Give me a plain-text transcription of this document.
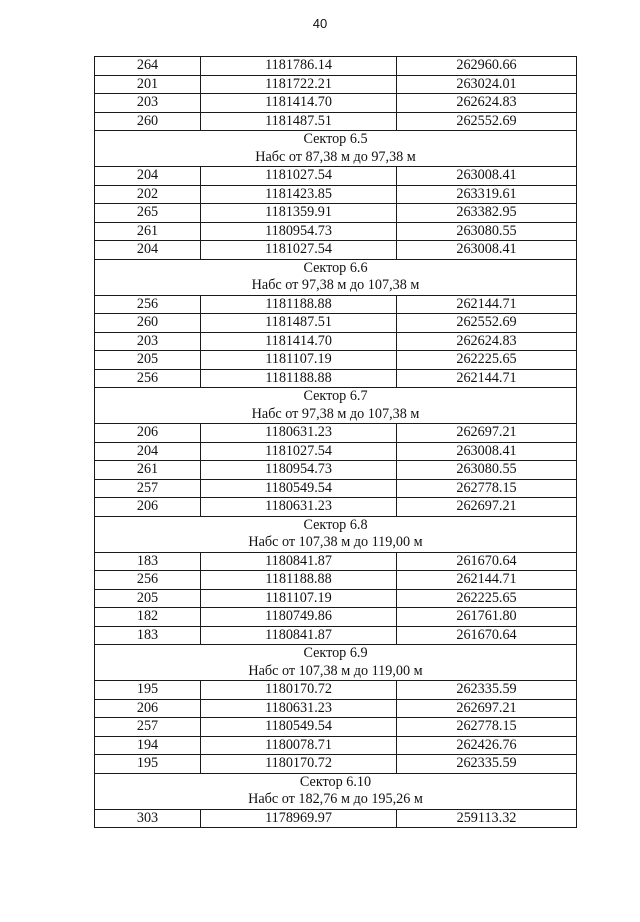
40
264	1181786.14	262960.66
201	1181722.21	263024.01
203	1181414.70	262624.83
260	1181487.51	262552.69
Сектор 6.5		
Набс от 87,38 м до 97,38 м		
204	1181027.54	263008.41
202	1181423.85	263319.61
265	1181359.91	263382.95
261	1180954.73	263080.55
204	1181027.54	263008.41
Сектор 6.6		
Набс от 97,38 м до 107,38 м		
256	1181188.88	262144.71
260	1181487.51	262552.69
203	1181414.70	262624.83
205	1181107.19	262225.65
256	1181188.88	262144.71
Сектор 6.7		
Набс от 97,38 м до 107,38 м		
206	1180631.23	262697.21
204	1181027.54	263008.41
261	1180954.73	263080.55
257	1180549.54	262778.15
206	1180631.23	262697.21
Сектор 6.8		
Набс от 107,38 м до 119,00 м		
183	1180841.87	261670.64
256	1181188.88	262144.71
205	1181107.19	262225.65
182	1180749.86	261761.80
183	1180841.87	261670.64
Сектор 6.9		
Набс от 107,38 м до 119,00 м		
195	1180170.72	262335.59
206	1180631.23	262697.21
257	1180549.54	262778.15
194	1180078.71	262426.76
195	1180170.72	262335.59
Сектор 6.10		
Набс от 182,76 м до 195,26 м		
303	1178969.97	259113.32
